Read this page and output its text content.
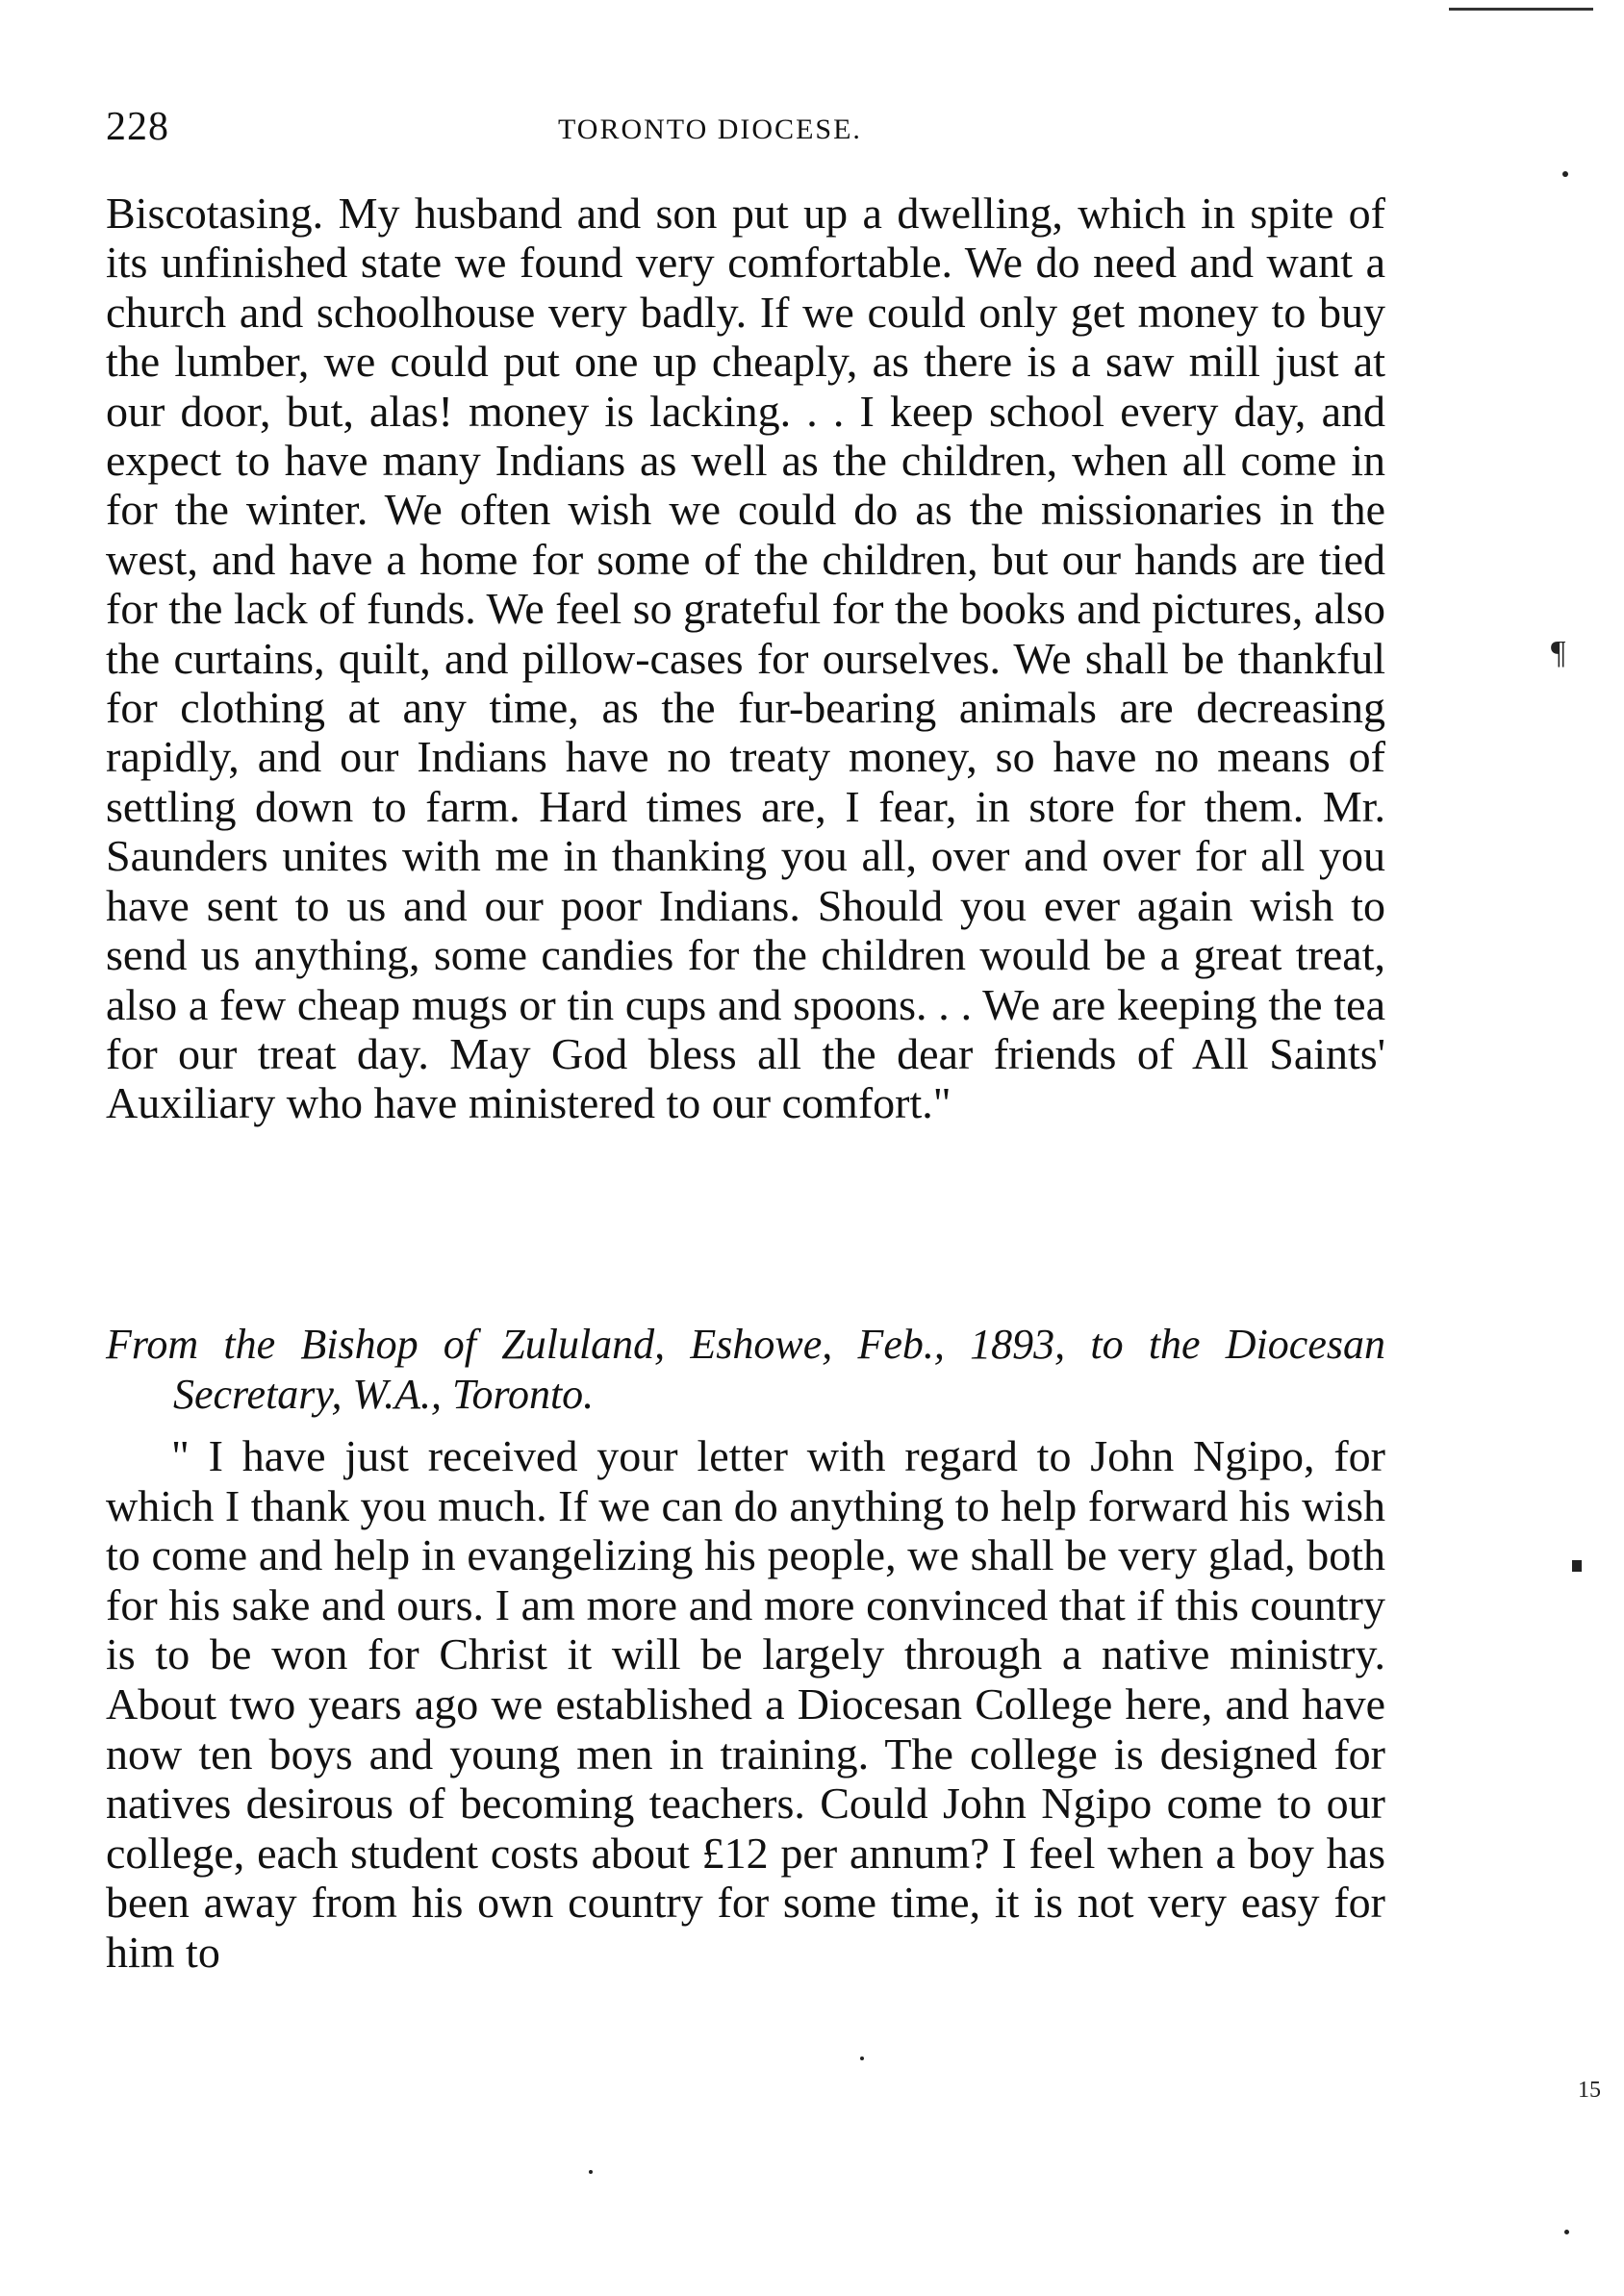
228	TORONTO DIOCESE.

Biscotasing. My husband and son put up a dwelling, which in spite of its unfinished state we found very comfortable. We do need and want a church and schoolhouse very badly. If we could only get money to buy the lumber, we could put one up cheaply, as there is a saw mill just at our door, but, alas! money is lacking. . . I keep school every day, and expect to have many Indians as well as the children, when all come in for the winter. We often wish we could do as the missionaries in the west, and have a home for some of the children, but our hands are tied for the lack of funds. We feel so grateful for the books and pictures, also the curtains, quilt, and pillow-cases for ourselves. We shall be thankful for clothing at any time, as the fur-bearing animals are decreasing rapidly, and our Indians have no treaty money, so have no means of settling down to farm. Hard times are, I fear, in store for them. Mr. Saunders unites with me in thanking you all, over and over for all you have sent to us and our poor Indians. Should you ever again wish to send us anything, some candies for the children would be a great treat, also a few cheap mugs or tin cups and spoons. . . We are keeping the tea for our treat day. May God bless all the dear friends of All Saints' Auxiliary who have ministered to our comfort."

From the Bishop of Zululand, Eshowe, Feb., 1893, to the Diocesan Secretary, W.A., Toronto.

" I have just received your letter with regard to John Ngipo, for which I thank you much. If we can do anything to help forward his wish to come and help in evangelizing his people, we shall be very glad, both for his sake and ours. I am more and more convinced that if this country is to be won for Christ it will be largely through a native ministry. About two years ago we established a Diocesan College here, and have now ten boys and young men in training. The college is designed for natives desirous of becoming teachers. Could John Ngipo come to our college, each student costs about £12 per annum? I feel when a boy has been away from his own country for some time, it is not very easy for him to

¶
15
